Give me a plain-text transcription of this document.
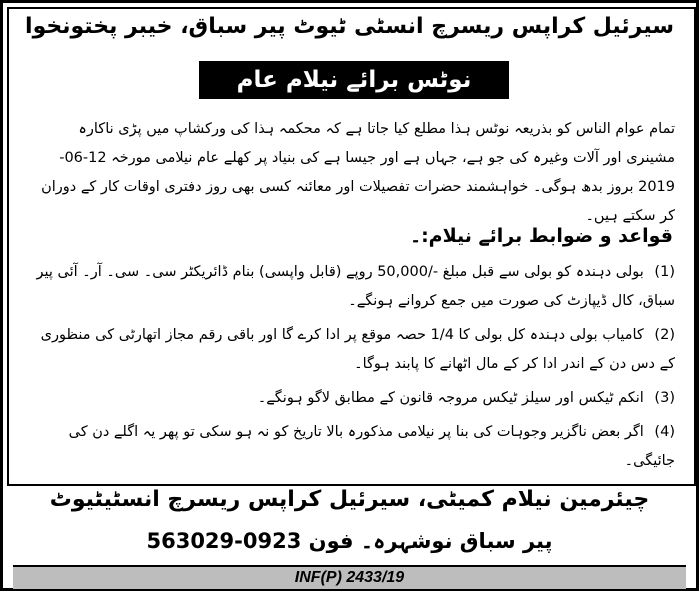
سیرئیل کراپس ریسرچ انسٹی ٹیوٹ پیر سباق، خیبر پختونخوا
نوٹس برائے نیلام عام
تمام عوام الناس کو بذریعہ نوٹس ہذا مطلع کیا جاتا ہے کہ محکمہ ہذا کی ورکشاپ میں پڑی ناکارہ مشینری اور آلات وغیرہ کی جو ہے، جہاں ہے اور جیسا ہے کی بنیاد پر کھلے عام نیلامی مورخہ 12-06-2019 بروز بدھ ہوگی۔ خواہشمند حضرات تفصیلات اور معائنہ کسی بھی روز دفتری اوقات کار کے دوران کر سکتے ہیں۔
قواعد و ضوابط برائے نیلام:۔
(1) بولی دہندہ کو بولی سے قبل مبلغ -/50,000 روپے (قابل واپسی) بنام ڈائریکٹر سی۔ سی۔ آر۔ آئی پیر سباق، کال ڈیپازٹ کی صورت میں جمع کروانے ہونگے۔
(2) کامیاب بولی دہندہ کل بولی کا 1/4 حصہ موقع پر ادا کرے گا اور باقی رقم مجاز اتھارٹی کی منظوری کے دس دن کے اندر ادا کر کے مال اٹھانے کا پابند ہوگا۔
(3) انکم ٹیکس اور سیلز ٹیکس مروجہ قانون کے مطابق لاگو ہونگے۔
(4) اگر بعض ناگزیر وجوہات کی بنا پر نیلامی مذکورہ بالا تاریخ کو نہ ہو سکی تو پھر یہ اگلے دن کی جائیگی۔
چیئرمین نیلام کمیٹی، سیرئیل کراپس ریسرچ انسٹیٹیوٹ
پیر سباق نوشہرہ۔ فون 0923-563029
INF(P) 2433/19
